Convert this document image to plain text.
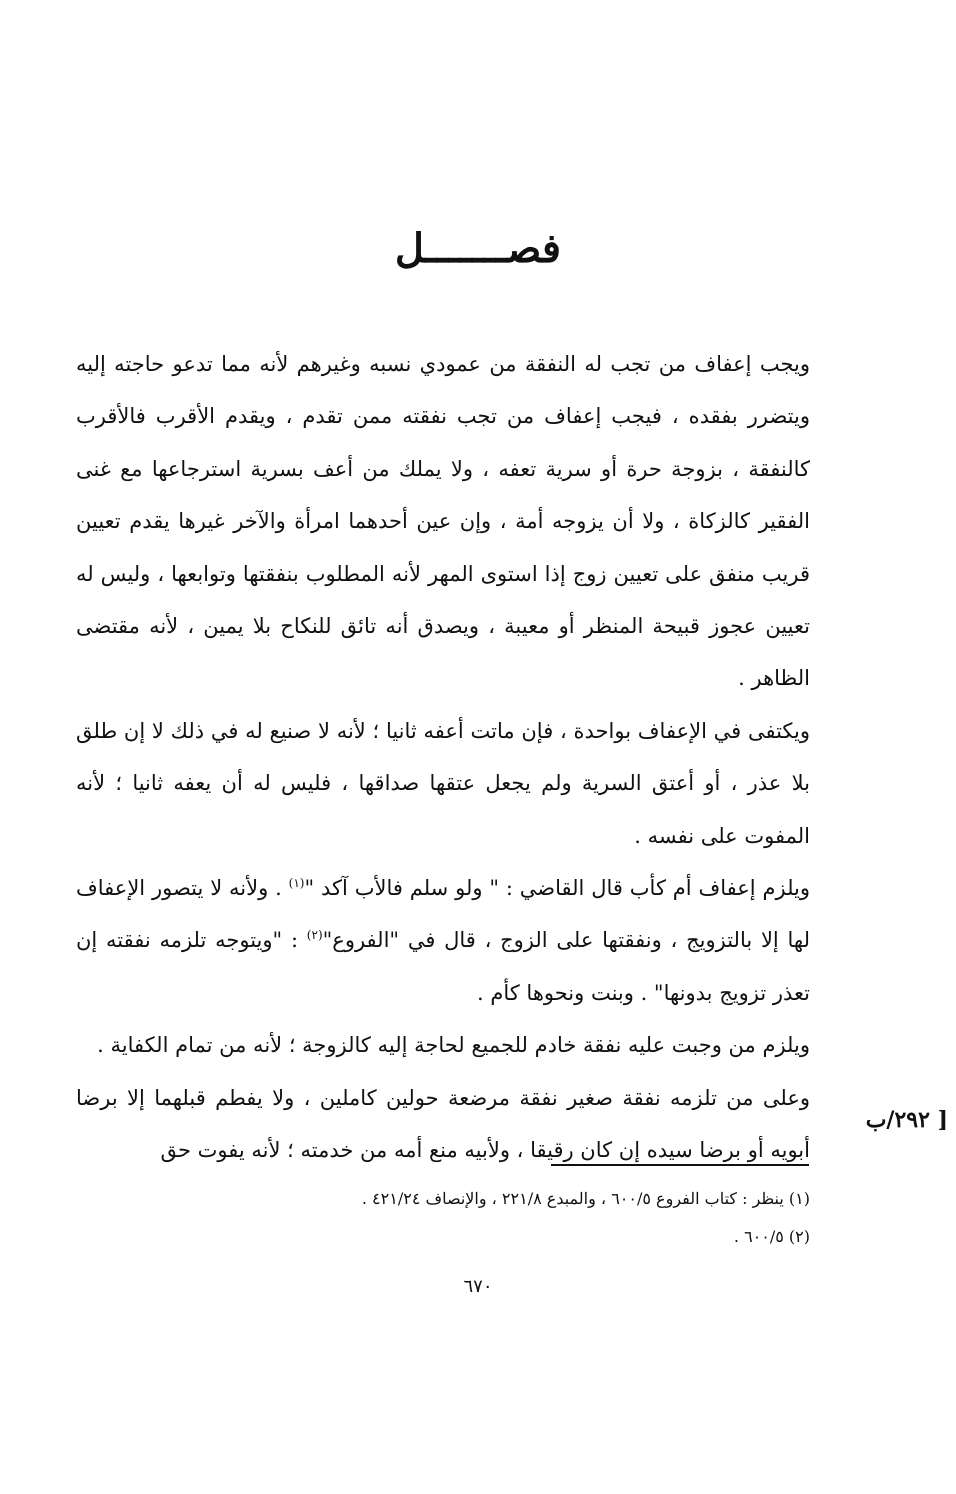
فصـــــــل

ويجب إعفاف من تجب له النفقة من عمودي نسبه وغيرهم لأنه مما تدعو حاجته إليه ويتضرر بفقده ، فيجب إعفاف من تجب نفقته ممن تقدم ، ويقدم الأقرب فالأقرب كالنفقة ، بزوجة حرة أو سرية تعفه ، ولا يملك من أعف بسرية استرجاعها مع غنى الفقير كالزكاة ، ولا أن يزوجه أمة ، وإن عين أحدهما امرأة والآخر غيرها يقدم تعيين قريب منفق على تعيين زوج إذا استوى المهر لأنه المطلوب بنفقتها وتوابعها ، وليس له تعيين عجوز قبيحة المنظر أو معيبة ، ويصدق أنه تائق للنكاح بلا يمين ، لأنه مقتضى الظاهر .

ويكتفى في الإعفاف بواحدة ، فإن ماتت أعفه ثانيا ؛ لأنه لا صنيع له في ذلك لا إن طلق بلا عذر ، أو أعتق السرية ولم يجعل عتقها صداقها ، فليس له أن يعفه ثانيا ؛ لأنه المفوت على نفسه .

ويلزم إعفاف أم كأب قال القاضي : " ولو سلم فالأب آكد "$^{(١)}$ . ولأنه لا يتصور الإعفاف لها إلا بالتزويج ، ونفقتها على الزوج ، قال في "الفروع"$^{(٢)}$ : "ويتوجه تلزمه نفقته إن تعذر تزويج بدونها" . وبنت ونحوها كأم .

ويلزم من وجبت عليه نفقة خادم للجميع لحاجة إليه كالزوجة ؛ لأنه من تمام الكفاية .

وعلى من تلزمه نفقة صغير نفقة مرضعة حولين كاملين ، ولا يفطم قبلهما إلا برضا أبويه أو برضا سيده إن كان رقيقا ، ولأبيه منع أمه من خدمته ؛ لأنه يفوت حق

[ ٢٩٢/ب

(١) ينظر : كتاب الفروع ٦٠٠/٥ ، والمبدع ٢٢١/٨ ، والإنصاف ٤٢١/٢٤ .

(٢) ٦٠٠/٥ .

٦٧٠
